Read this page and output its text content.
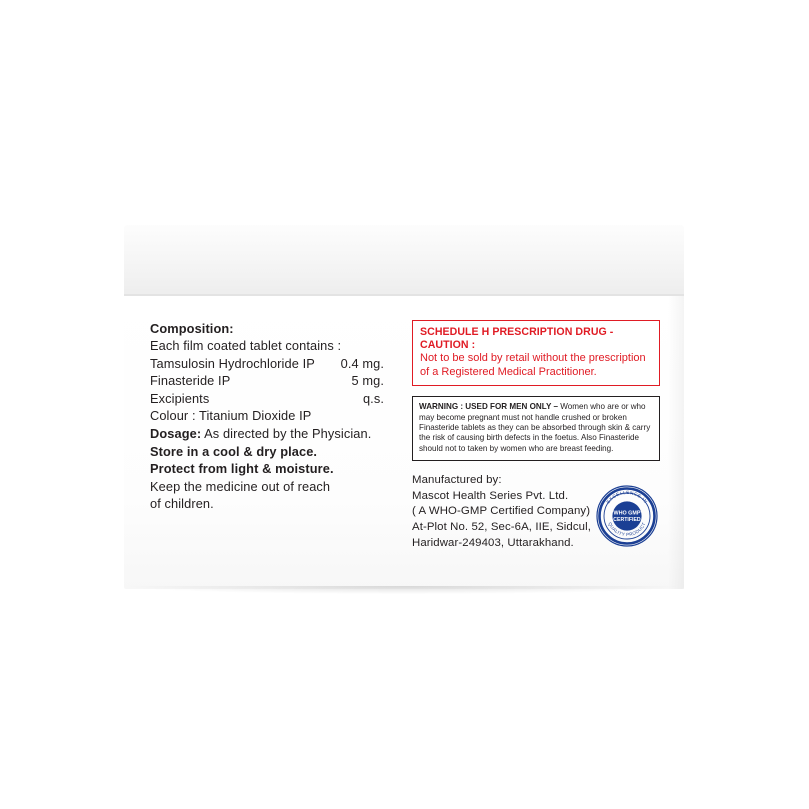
Composition:
Each film coated tablet contains :
Tamsulosin Hydrochloride IP 0.4 mg.
Finasteride IP	5 mg.
Excipients	q.s.
Colour : Titanium Dioxide IP
Dosage: As directed by the Physician.
Store in a cool & dry place.
Protect from light & moisture.
Keep the medicine out of reach
of children.
SCHEDULE H PRESCRIPTION DRUG - CAUTION :
Not to be sold by retail without the prescription
of a Registered Medical Practitioner.

WARNING : USED FOR MEN ONLY – Women who are or who may become pregnant must not handle crushed or broken Finasteride tablets as they can be absorbed through skin & carry the risk of causing birth defects in the foetus. Also Finasteride should not to taken by women who are breast feeding.

Manufactured by:
Mascot Health Series Pvt. Ltd.
( A WHO-GMP Certified Company)
At-Plot No. 52, Sec-6A, IIE, Sidcul,
Haridwar-249403, Uttarakhand.
EXCELLENCE IN
QUALITY PRODUCT
WHO GMP
CERTIFIED
